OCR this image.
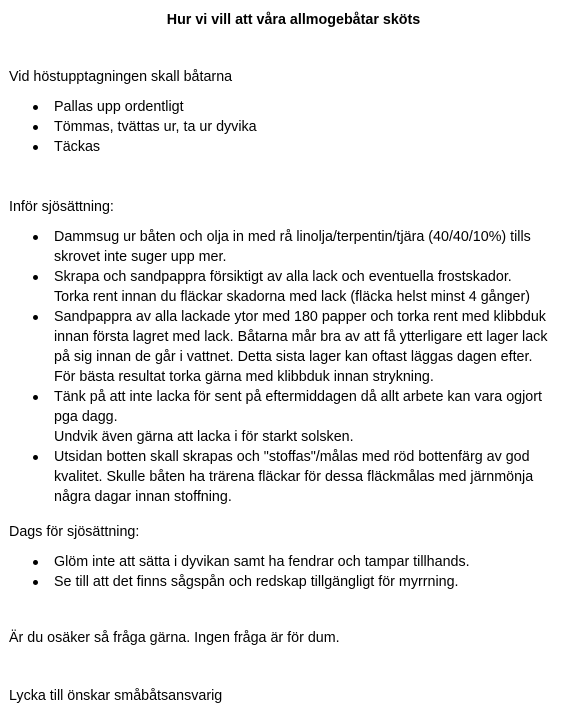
Hur vi vill att våra allmogebåtar sköts

Vid höstupptagningen skall båtarna

Pallas upp ordentligt
Tömmas, tvättas ur, ta ur dyvika
Täckas

Inför sjösättning:

Dammsug ur båten och olja in med rå linolja/terpentin/tjära (40/40/10%) tills
skrovet inte suger upp mer.
Skrapa och sandpappra försiktigt av alla lack och eventuella frostskador.
Torka rent innan du fläckar skadorna med lack (fläcka helst minst 4 gånger)
Sandpappra av alla lackade ytor med 180 papper och torka rent med klibbduk
innan första lagret med lack. Båtarna mår bra av att få ytterligare ett lager lack
på sig innan de går i vattnet. Detta sista lager kan oftast läggas dagen efter.
För bästa resultat torka gärna med klibbduk innan strykning.
Tänk på att inte lacka för sent på eftermiddagen då allt arbete kan vara ogjort
pga dagg.
Undvik även gärna att lacka i för starkt solsken.
Utsidan botten skall skrapas och "stoffas"/målas med röd bottenfärg av god
kvalitet. Skulle båten ha trärena fläckar för dessa fläckmålas med järnmönja
några dagar innan stoffning.

Dags för sjösättning:

Glöm inte att sätta i dyvikan samt ha fendrar och tampar tillhands.
Se till att det finns sågspån och redskap tillgängligt för myrrning.

Är du osäker så fråga gärna. Ingen fråga är för dum.

Lycka till önskar småbåtsansvarig
